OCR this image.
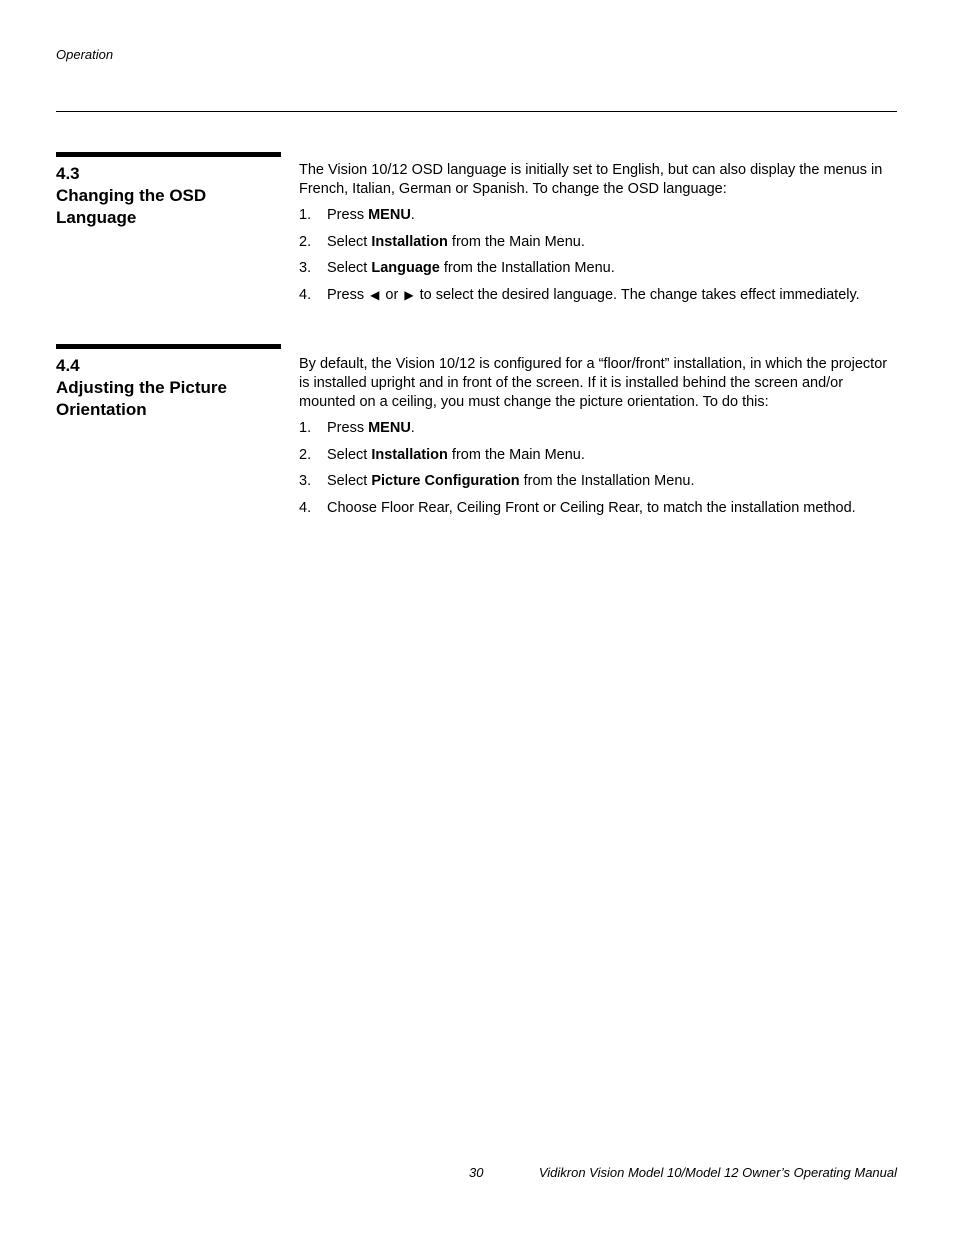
Operation
4.3
Changing the OSD
Language

The Vision 10/12 OSD language is initially set to English, but can also display the menus in French, Italian, German or Spanish. To change the OSD language:

1. Press MENU.
2. Select Installation from the Main Menu.
3. Select Language from the Installation Menu.
4. Press ◀ or ▶ to select the desired language. The change takes effect immediately.
4.4
Adjusting the Picture
Orientation

By default, the Vision 10/12 is configured for a “floor/front” installation, in which the projector is installed upright and in front of the screen. If it is installed behind the screen and/or mounted on a ceiling, you must change the picture orientation. To do this:

1. Press MENU.
2. Select Installation from the Main Menu.
3. Select Picture Configuration from the Installation Menu.
4. Choose Floor Rear, Ceiling Front or Ceiling Rear, to match the installation method.
30	Vidikron Vision Model 10/Model 12 Owner’s Operating Manual
